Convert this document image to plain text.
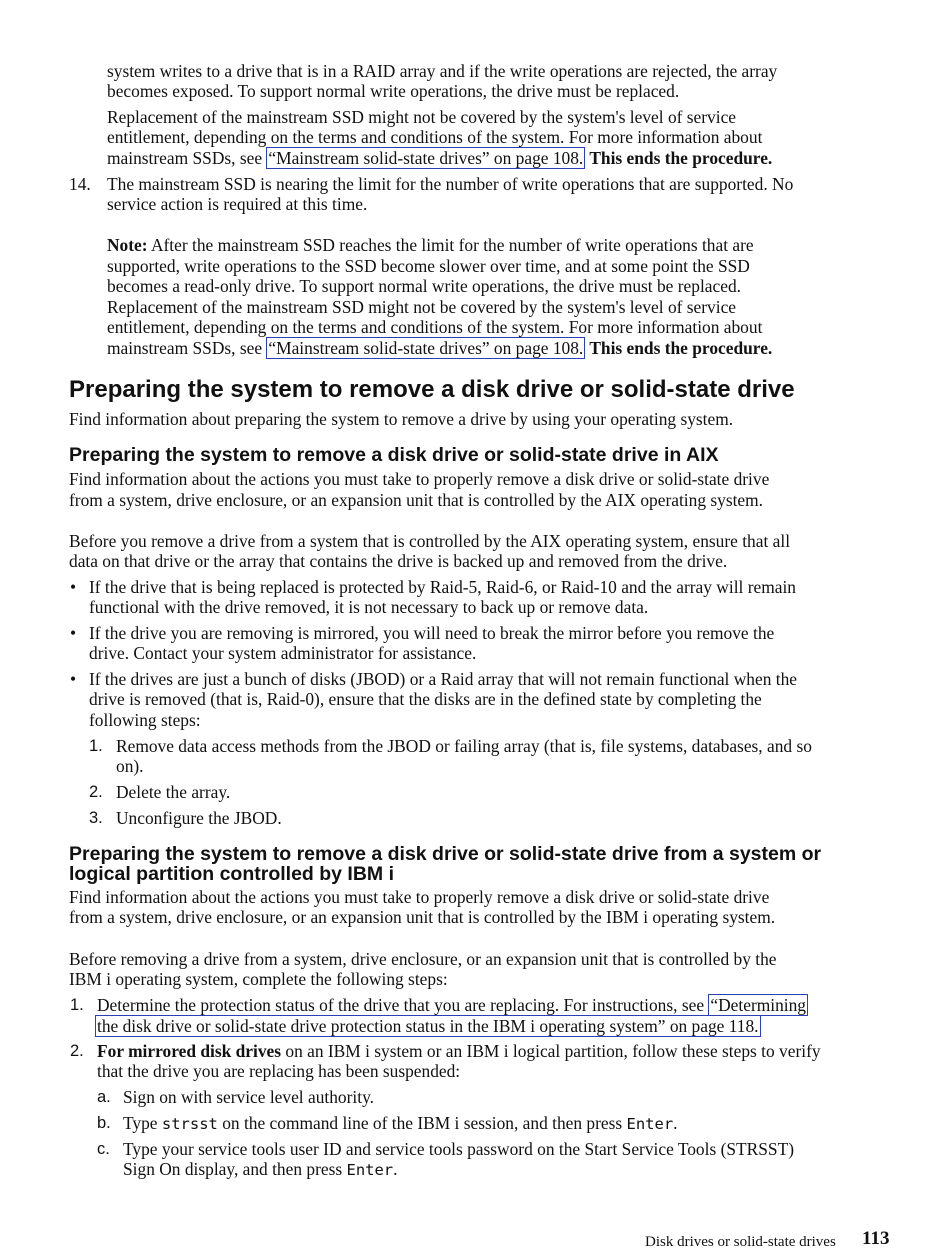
system writes to a drive that is in a RAID array and if the write operations are rejected, the array
becomes exposed. To support normal write operations, the drive must be replaced.
Replacement of the mainstream SSD might not be covered by the system's level of service
entitlement, depending on the terms and conditions of the system. For more information about
mainstream SSDs, see “Mainstream solid-state drives” on page 108. This ends the procedure.
14. The mainstream SSD is nearing the limit for the number of write operations that are supported. No
service action is required at this time.
Note: After the mainstream SSD reaches the limit for the number of write operations that are
supported, write operations to the SSD become slower over time, and at some point the SSD
becomes a read-only drive. To support normal write operations, the drive must be replaced.
Replacement of the mainstream SSD might not be covered by the system's level of service
entitlement, depending on the terms and conditions of the system. For more information about
mainstream SSDs, see “Mainstream solid-state drives” on page 108. This ends the procedure.
Preparing the system to remove a disk drive or solid-state drive
Find information about preparing the system to remove a drive by using your operating system.
Preparing the system to remove a disk drive or solid-state drive in AIX
Find information about the actions you must take to properly remove a disk drive or solid-state drive
from a system, drive enclosure, or an expansion unit that is controlled by the AIX operating system.
Before you remove a drive from a system that is controlled by the AIX operating system, ensure that all
data on that drive or the array that contains the drive is backed up and removed from the drive.
• If the drive that is being replaced is protected by Raid-5, Raid-6, or Raid-10 and the array will remain
functional with the drive removed, it is not necessary to back up or remove data.
• If the drive you are removing is mirrored, you will need to break the mirror before you remove the
drive. Contact your system administrator for assistance.
• If the drives are just a bunch of disks (JBOD) or a Raid array that will not remain functional when the
drive is removed (that is, Raid-0), ensure that the disks are in the defined state by completing the
following steps:
1. Remove data access methods from the JBOD or failing array (that is, file systems, databases, and so
on).
2. Delete the array.
3. Unconfigure the JBOD.
Preparing the system to remove a disk drive or solid-state drive from a system or
logical partition controlled by IBM i
Find information about the actions you must take to properly remove a disk drive or solid-state drive
from a system, drive enclosure, or an expansion unit that is controlled by the IBM i operating system.
Before removing a drive from a system, drive enclosure, or an expansion unit that is controlled by the
IBM i operating system, complete the following steps:
1. Determine the protection status of the drive that you are replacing. For instructions, see “Determining
the disk drive or solid-state drive protection status in the IBM i operating system” on page 118.
2. For mirrored disk drives on an IBM i system or an IBM i logical partition, follow these steps to verify
that the drive you are replacing has been suspended:
a. Sign on with service level authority.
b. Type strsst on the command line of the IBM i session, and then press Enter.
c. Type your service tools user ID and service tools password on the Start Service Tools (STRSST)
Sign On display, and then press Enter.
Disk drives or solid-state drives 113
